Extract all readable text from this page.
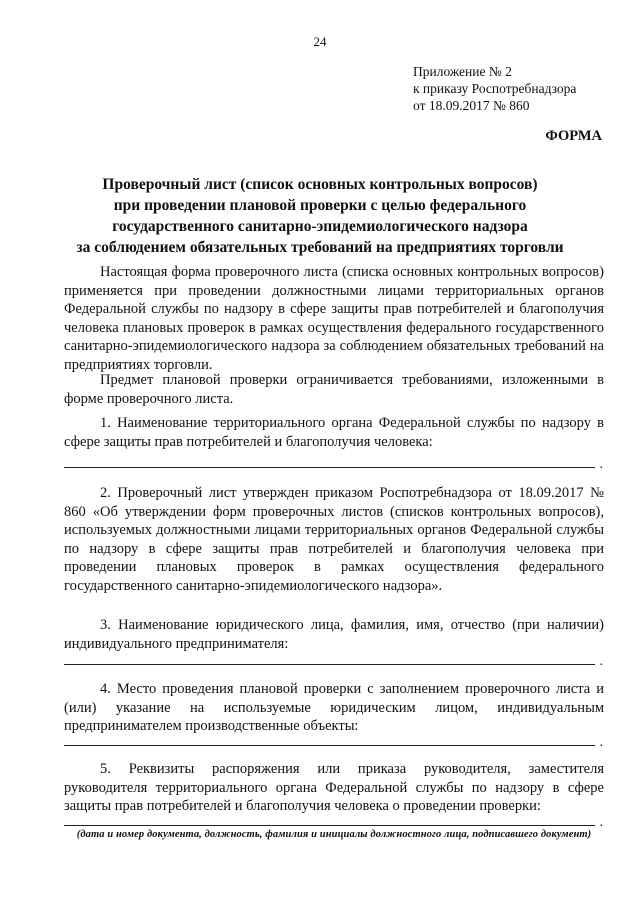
24
Приложение № 2
к приказу Роспотребнадзора
от 18.09.2017 № 860
ФОРМА
Проверочный лист (список основных контрольных вопросов)
при проведении плановой проверки с целью федерального
государственного санитарно-эпидемиологического надзора
за соблюдением обязательных требований на предприятиях торговли

Настоящая форма проверочного листа (списка основных контрольных вопросов) применяется при проведении должностными лицами территориальных органов Федеральной службы по надзору в сфере защиты прав потребителей и благополучия человека плановых проверок в рамках осуществления федерального государственного санитарно-эпидемиологического надзора за соблюдением обязательных требований на предприятиях торговли.

Предмет плановой проверки ограничивается требованиями, изложенными в форме проверочного листа.

1. Наименование территориального органа Федеральной службы по надзору в сфере защиты прав потребителей и благополучия человека:

.

2. Проверочный лист утвержден приказом Роспотребнадзора от 18.09.2017 № 860 «Об утверждении форм проверочных листов (списков контрольных вопросов), используемых должностными лицами территориальных органов Федеральной службы по надзору в сфере защиты прав потребителей и благополучия человека при проведении плановых проверок в рамках осуществления федерального государственного санитарно-эпидемиологического надзора».

3. Наименование юридического лица, фамилия, имя, отчество (при наличии) индивидуального предпринимателя:

.

4. Место проведения плановой проверки с заполнением проверочного листа и (или) указание на используемые юридическим лицом, индивидуальным предпринимателем производственные объекты:

.

5. Реквизиты распоряжения или приказа руководителя, заместителя руководителя территориального органа Федеральной службы по надзору в сфере защиты прав потребителей и благополучия человека о проведении проверки:

.
(дата и номер документа, должность, фамилия и инициалы должностного лица, подписавшего документ)
